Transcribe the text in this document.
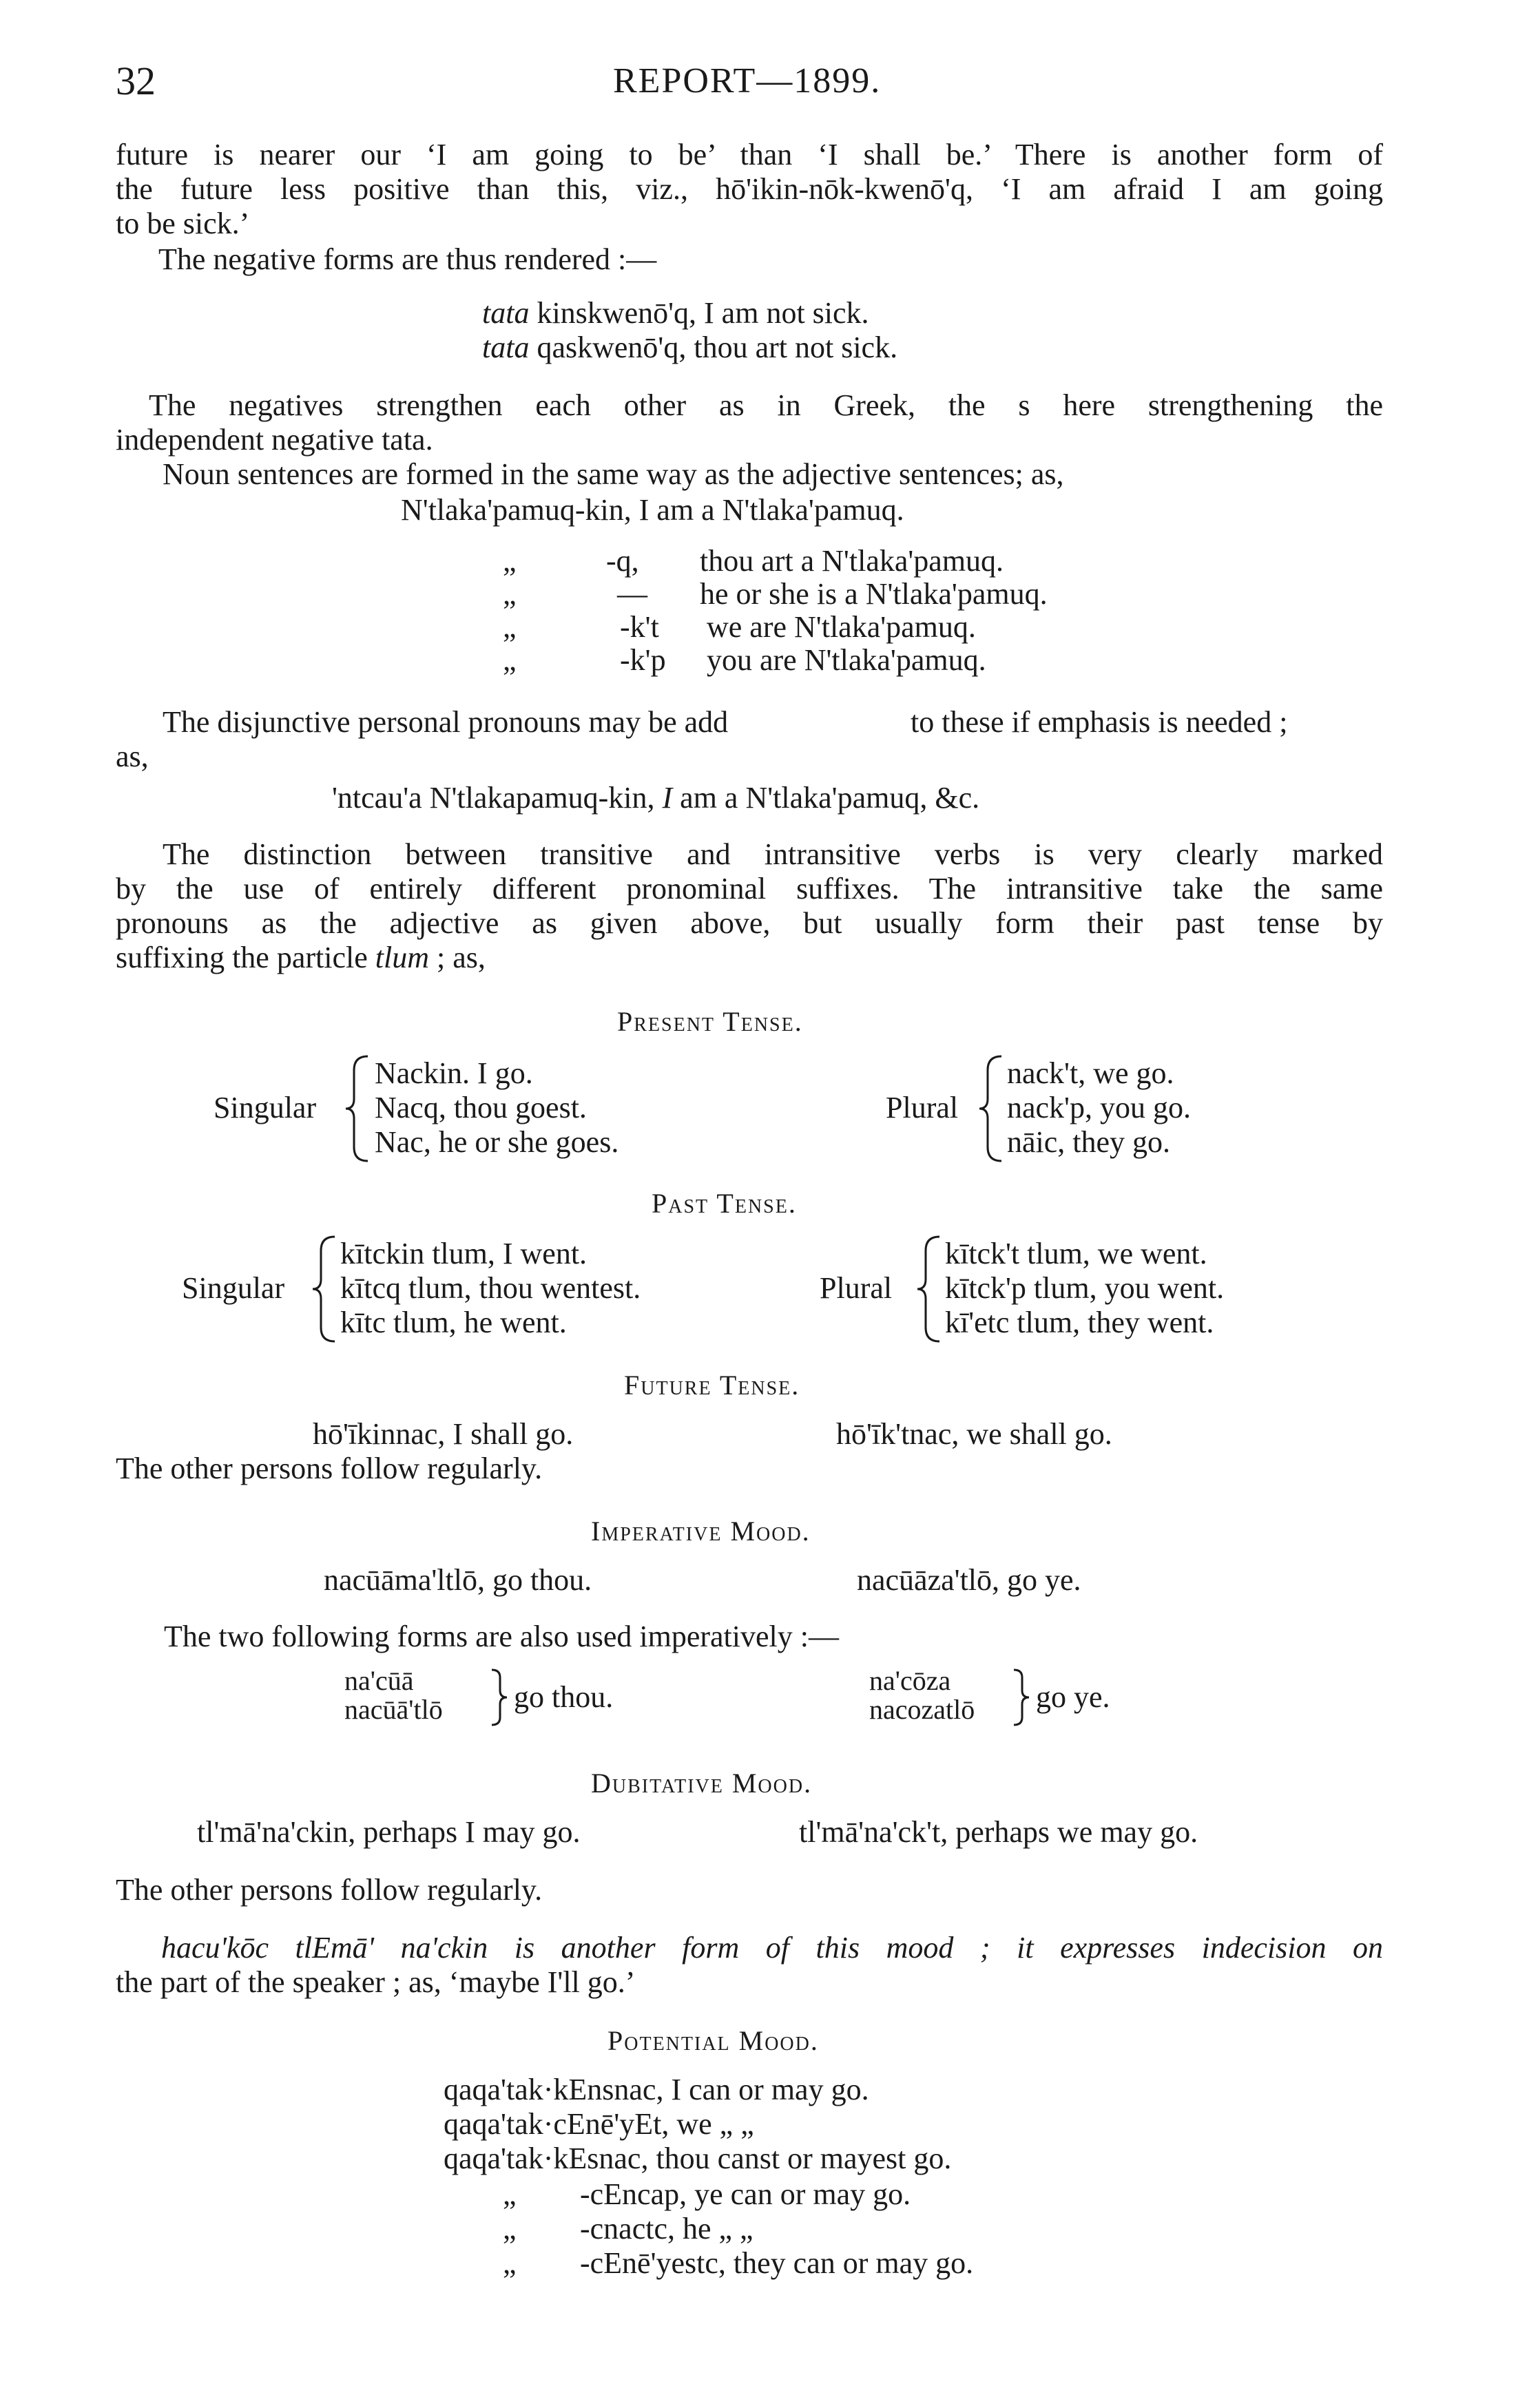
32	REPORT—1899.
future is nearer our ‘I am going to be’ than ‘I shall be.’ There is another form of
the future less positive than this, viz., hō'ikin-nōk-kwenō'q, ‘I am afraid I am going
to be sick.’
The negative forms are thus rendered :—
tata kinskwenō'q, I am not sick.
tata qaskwenō'q, thou art not sick.
The negatives strengthen each other as in Greek, the s here strengthening the
independent negative tata.
Noun sentences are formed in the same way as the adjective sentences; as,
N'tlaka'pamuq-kin, I am a N'tlaka'pamuq.
„	-q, thou art a N'tlaka'pamuq.
„	— he or she is a N'tlaka'pamuq.
„	-k't we are N'tlaka'pamuq.
„	-k'p you are N'tlaka'pamuq.
The disjunctive personal pronouns may be add	to these if emphasis is needed ;
as,
'ntcau'a N'tlakapamuq-kin, I am a N'tlaka'pamuq, &c.
The distinction between transitive and intransitive verbs is very clearly marked
by the use of entirely different pronominal suffixes. The intransitive take the same
pronouns as the adjective as given above, but usually form their past tense by
suffixing the particle tlum ; as,
Present Tense.
Singular
Nackin. I go.
Nacq, thou goest.
Nac, he or she goes.
Plural
nack't, we go.
nack'p, you go.
nāic, they go.
Past Tense.
Singular
kītckin tlum, I went.
kītcq tlum, thou wentest.
kītc tlum, he went.
Plural
kītck't tlum, we went.
kītck'p tlum, you went.
kī'etc tlum, they went.
Future Tense.
hō'īkinnac, I shall go.	hō'īk'tnac, we shall go.
The other persons follow regularly.
Imperative Mood.
nacūāma'ltlō, go thou.	nacūāza'tlō, go ye.
The two following forms are also used imperatively :—
na'cūā
nacūā'tlō go thou.	na'cōza
nacozatlō go ye.
Dubitative Mood.
tl'mā'na'ckin, perhaps I may go.	tl'mā'na'ck't, perhaps we may go.
The other persons follow regularly.
hacu'kōc tlEmā' na'ckin is another form of this mood ; it expresses indecision on
the part of the speaker ; as, ‘maybe I'll go.’
Potential Mood.
qaqa'tak·kEnsnac, I can or may go.
qaqa'tak·cEnē'yEt, we „ „
qaqa'tak·kEsnac, thou canst or mayest go.
„ -cEncap, ye can or may go.
„ -cnactc, he „ „
„ -cEnē'yestc, they can or may go.
